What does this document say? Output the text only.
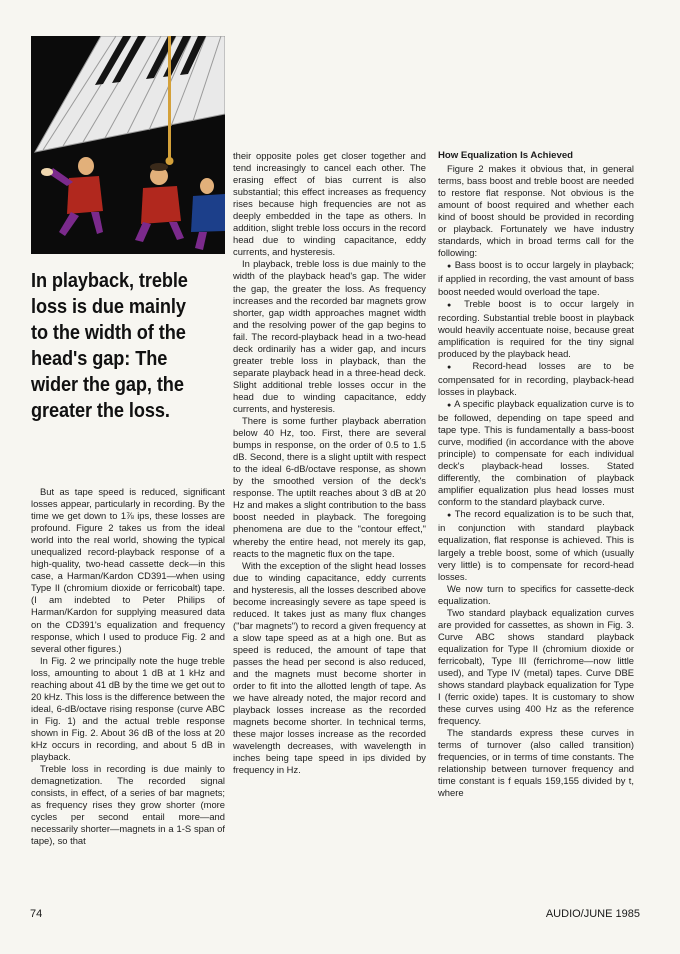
In playback, treble loss is due mainly to the width of the head's gap: The wider the gap, the greater the loss.

But as tape speed is reduced, significant losses appear, particularly in recording. By the time we get down to 1⅞ ips, these losses are profound. Figure 2 takes us from the ideal world into the real world, showing the typical unequalized record-playback response of a high-quality, two-head cassette deck—in this case, a Harman/Kardon CD391—when using Type II (chromium dioxide or ferricobalt) tape. (I am indebted to Peter Philips of Harman/Kardon for supplying measured data on the CD391's equalization and frequency response, which I used to produce Fig. 2 and several other figures.)

In Fig. 2 we principally note the huge treble loss, amounting to about 1 dB at 1 kHz and reaching about 41 dB by the time we get out to 20 kHz. This loss is the difference between the ideal, 6-dB/octave rising response (curve ABC in Fig. 1) and the actual treble response shown in Fig. 2. About 36 dB of the loss at 20 kHz occurs in recording, and about 5 dB in playback.

Treble loss in recording is due mainly to demagnetization. The recorded signal consists, in effect, of a series of bar magnets; as frequency rises they grow shorter (more cycles per second entail more—and necessarily shorter—magnets in a 1-S span of tape), so that

their opposite poles get closer together and tend increasingly to cancel each other. The erasing effect of bias current is also substantial; this effect increases as frequency rises because high frequencies are not as deeply embedded in the tape as others. In addition, slight treble loss occurs in the record head due to winding capacitance, eddy currents, and hysteresis.

In playback, treble loss is due mainly to the width of the playback head's gap. The wider the gap, the greater the loss. As frequency increases and the recorded bar magnets grow shorter, gap width approaches magnet width and the resolving power of the gap begins to fail. The record-playback head in a two-head deck ordinarily has a wider gap, and incurs greater treble loss in playback, than the separate playback head in a three-head deck. Slight additional treble losses occur in the head due to winding capacitance, eddy currents, and hysteresis.

There is some further playback aberration below 40 Hz, too. First, there are several bumps in response, on the order of 0.5 to 1.5 dB. Second, there is a slight uptilt with respect to the ideal 6-dB/octave response, as shown by the smoothed version of the deck's response. The uptilt reaches about 3 dB at 20 Hz and makes a slight contribution to the bass boost needed in playback. The foregoing phenomena are due to the "contour effect," whereby the entire head, not merely its gap, reacts to the magnetic flux on the tape.

With the exception of the slight head losses due to winding capacitance, eddy currents and hysteresis, all the losses described above become increasingly severe as tape speed is reduced. It takes just as many flux changes ("bar magnets") to record a given frequency at a slow tape speed as at a high one. But as speed is reduced, the amount of tape that passes the head per second is also reduced, and the magnets must become shorter in order to fit into the allotted length of tape. As we have already noted, the major record and playback losses increase as the recorded magnets become shorter. In technical terms, these major losses increase as the recorded wavelength decreases, with wavelength in inches being tape speed in ips divided by frequency in Hz.

How Equalization Is Achieved

Figure 2 makes it obvious that, in general terms, bass boost and treble boost are needed to restore flat response. Not obvious is the amount of boost required and whether each kind of boost should be provided in recording or playback. Fortunately we have industry standards, which in broad terms call for the following:

● Bass boost is to occur largely in playback; if applied in recording, the vast amount of bass boost needed would overload the tape.

● Treble boost is to occur largely in recording. Substantial treble boost in playback would heavily accentuate noise, because great amplification is required for the tiny signal produced by the playback head.

● Record-head losses are to be compensated for in recording, playback-head losses in playback.

● A specific playback equalization curve is to be followed, depending on tape speed and tape type. This is fundamentally a bass-boost curve, modified (in accordance with the above principle) to compensate for each individual deck's playback-head losses. Stated differently, the combination of playback amplifier equalization plus head losses must conform to the standard playback curve.

● The record equalization is to be such that, in conjunction with standard playback equalization, flat response is achieved. This is largely a treble boost, some of which (usually very little) is to compensate for record-head losses.

We now turn to specifics for cassette-deck equalization.

Two standard playback equalization curves are provided for cassettes, as shown in Fig. 3. Curve ABC shows standard playback equalization for Type II (chromium dioxide or ferricobalt), Type III (ferrichrome—now little used), and Type IV (metal) tapes. Curve DBE shows standard playback equalization for Type I (ferric oxide) tapes. It is customary to show these curves using 400 Hz as the reference frequency.

The standards express these curves in terms of turnover (also called transition) frequencies, or in terms of time constants. The relationship between turnover frequency and time constant is f equals 159,155 divided by t, where

74	AUDIO/JUNE 1985
